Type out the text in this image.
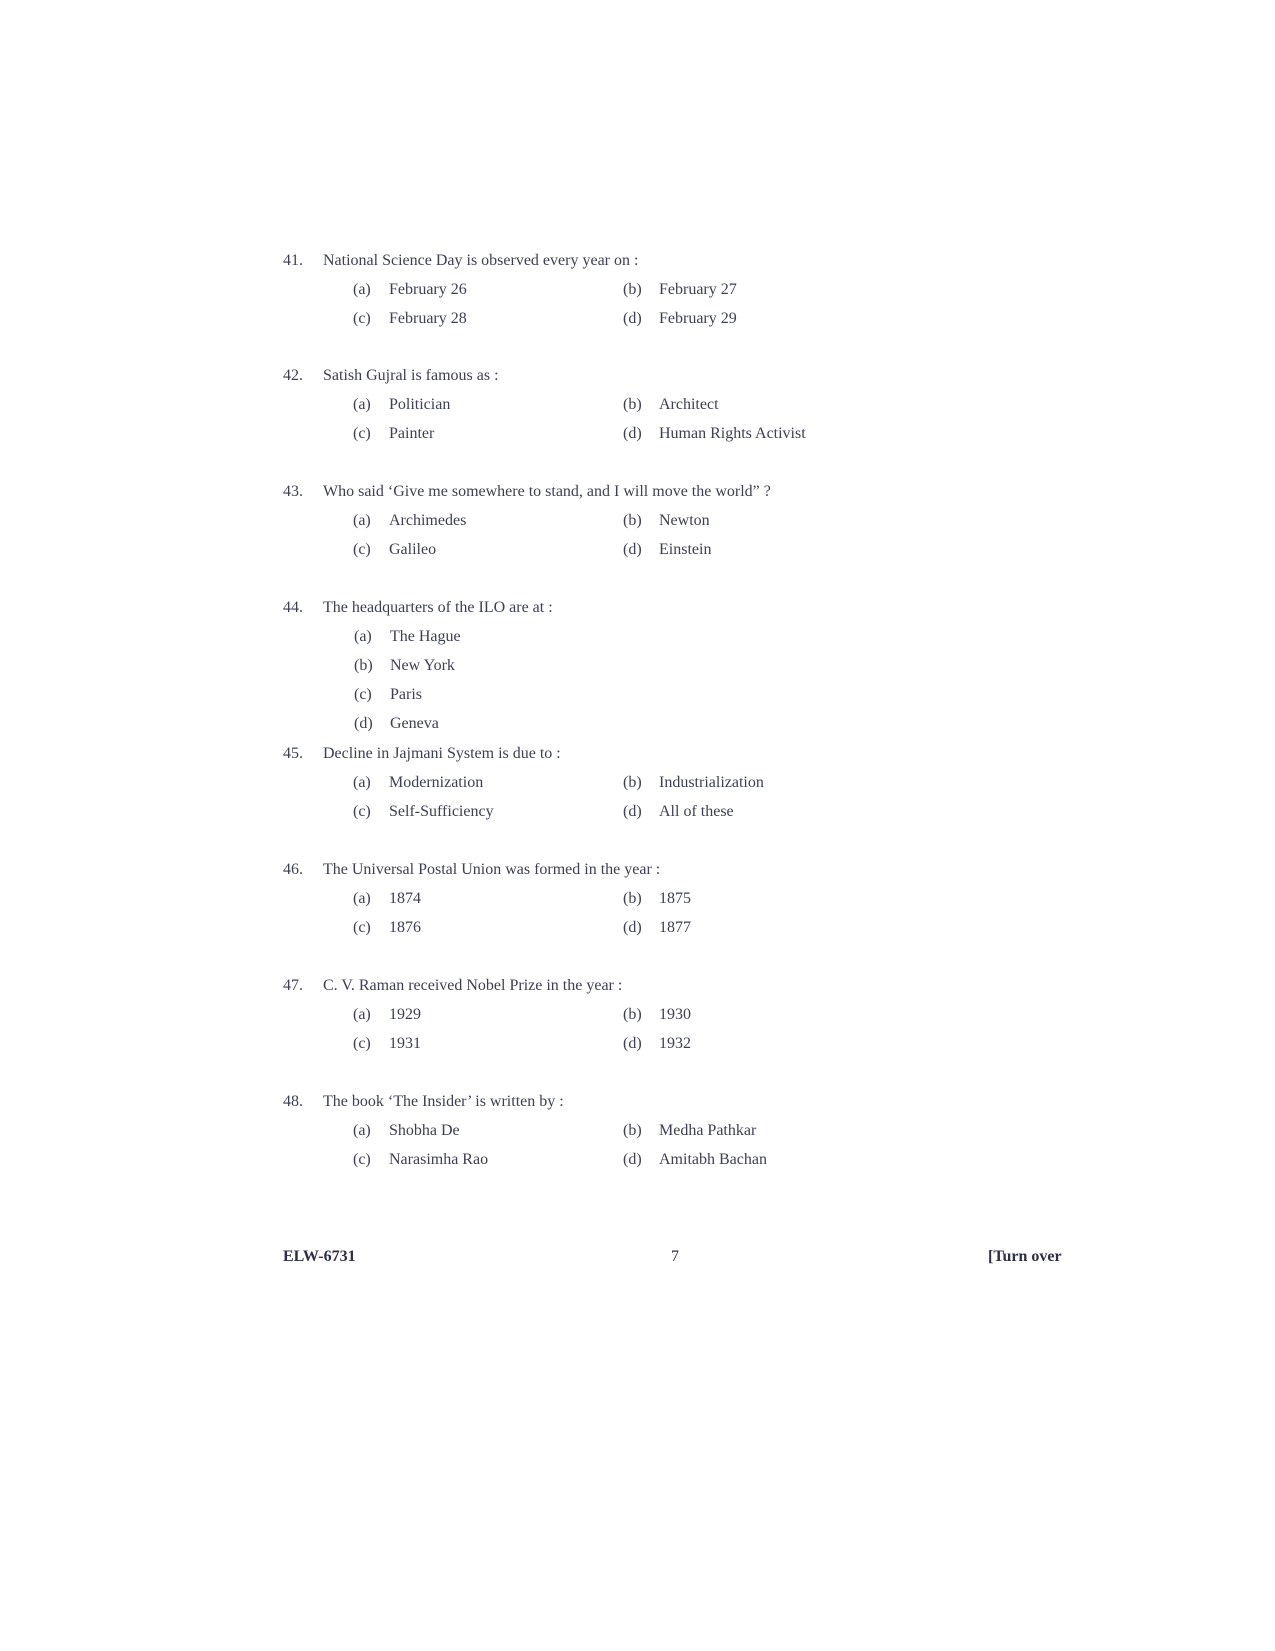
41. National Science Day is observed every year on :
(a) February 26	(b) February 27
(c) February 28	(d) February 29
42. Satish Gujral is famous as :
(a) Politician	(b) Architect
(c) Painter	(d) Human Rights Activist
43. Who said ‘Give me somewhere to stand, and I will move the world” ?
(a) Archimedes	(b) Newton
(c) Galileo	(d) Einstein
44. The headquarters of the ILO are at :
(a) The Hague
(b) New York
(c) Paris
(d) Geneva
45. Decline in Jajmani System is due to :
(a) Modernization	(b) Industrialization
(c) Self-Sufficiency	(d) All of these
46. The Universal Postal Union was formed in the year :
(a) 1874	(b) 1875
(c) 1876	(d) 1877
47. C. V. Raman received Nobel Prize in the year :
(a) 1929	(b) 1930
(c) 1931	(d) 1932
48. The book ‘The Insider’ is written by :
(a) Shobha De	(b) Medha Pathkar
(c) Narasimha Rao	(d) Amitabh Bachan
ELW-6731	7	[Turn over
